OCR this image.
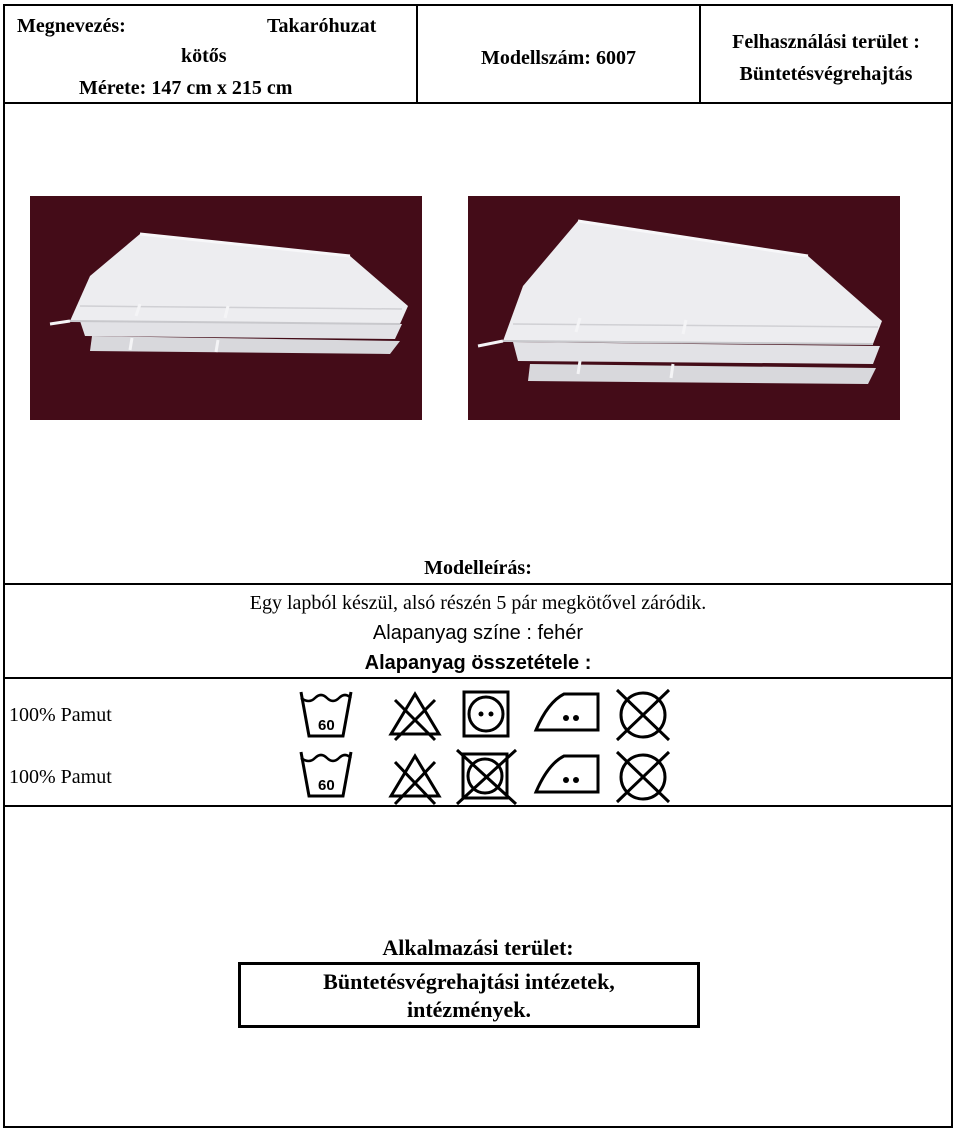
Megnevezés:	Takaróhuzat
kötős
Mérete: 147 cm x 215 cm
Modellszám: 6007
Felhasználási terület :
Büntetésvégrehajtás
Modelleírás:
Egy lapból készül, alsó részén 5 pár megkötővel záródik.
Alapanyag színe : fehér
Alapanyag összetétele :
100% Pamut	60
100% Pamut	60
Alkalmazási terület:
Büntetésvégrehajtási intézetek,
intézmények.
